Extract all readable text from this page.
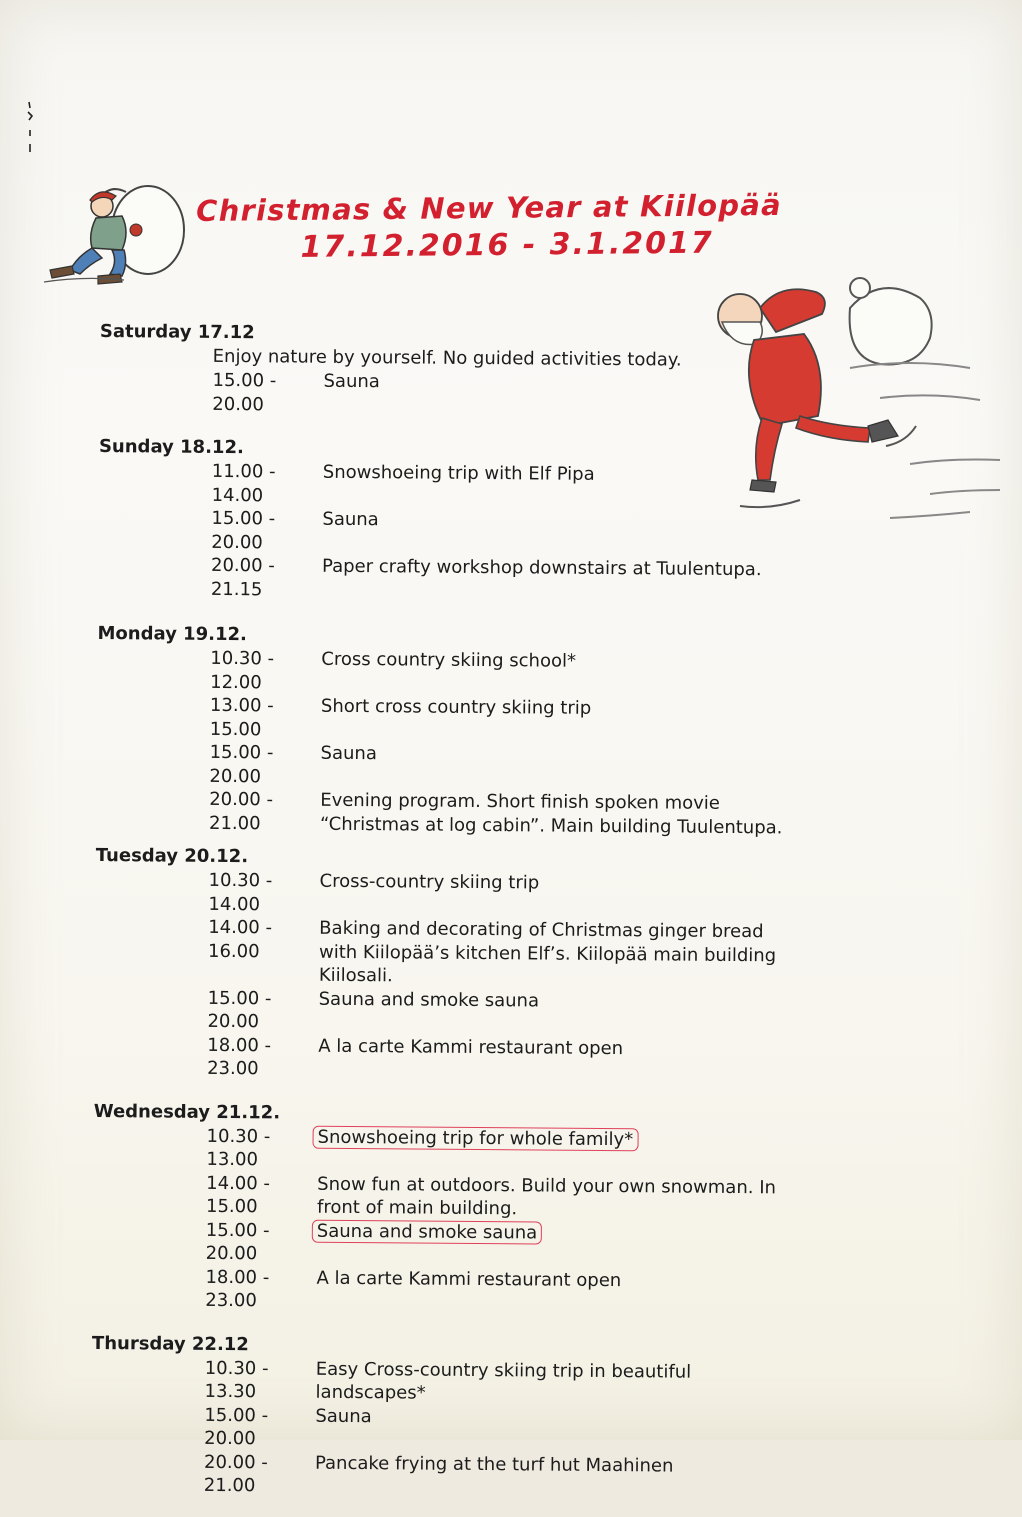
Christmas & New Year at Kiilopää
17.12.2016 - 3.1.2017
Saturday 17.12
Enjoy nature by yourself. No guided activities today.
15.00 - 20.00
Sauna
Sunday 18.12.
11.00 - 14.00
Snowshoeing trip with Elf Pipa
15.00 - 20.00
Sauna
20.00 - 21.15
Paper crafty workshop downstairs at Tuulentupa.
Monday 19.12.
10.30 - 12.00
Cross country skiing school*
13.00 - 15.00
Short cross country skiing trip
15.00 - 20.00
Sauna
20.00 - 21.00
Evening program. Short finish spoken movie “Christmas at log cabin”. Main building Tuulentupa.
Tuesday 20.12.
10.30 - 14.00
Cross-country skiing trip
14.00 - 16.00
Baking and decorating of Christmas ginger bread with Kiilopää’s kitchen Elf’s. Kiilopää main building Kiilosali.
15.00 - 20.00
Sauna and smoke sauna
18.00 - 23.00
A la carte Kammi restaurant open
Wednesday 21.12.
10.30 - 13.00
Snowshoeing trip for whole family*
14.00 - 15.00
Snow fun at outdoors. Build your own snowman. In front of main building.
15.00 - 20.00
Sauna and smoke sauna
18.00 - 23.00
A la carte Kammi restaurant open
Thursday 22.12
10.30 - 13.30
Easy Cross-country skiing trip in beautiful landscapes*
15.00 - 20.00
Sauna
20.00 - 21.00
Pancake frying at the turf hut Maahinen
